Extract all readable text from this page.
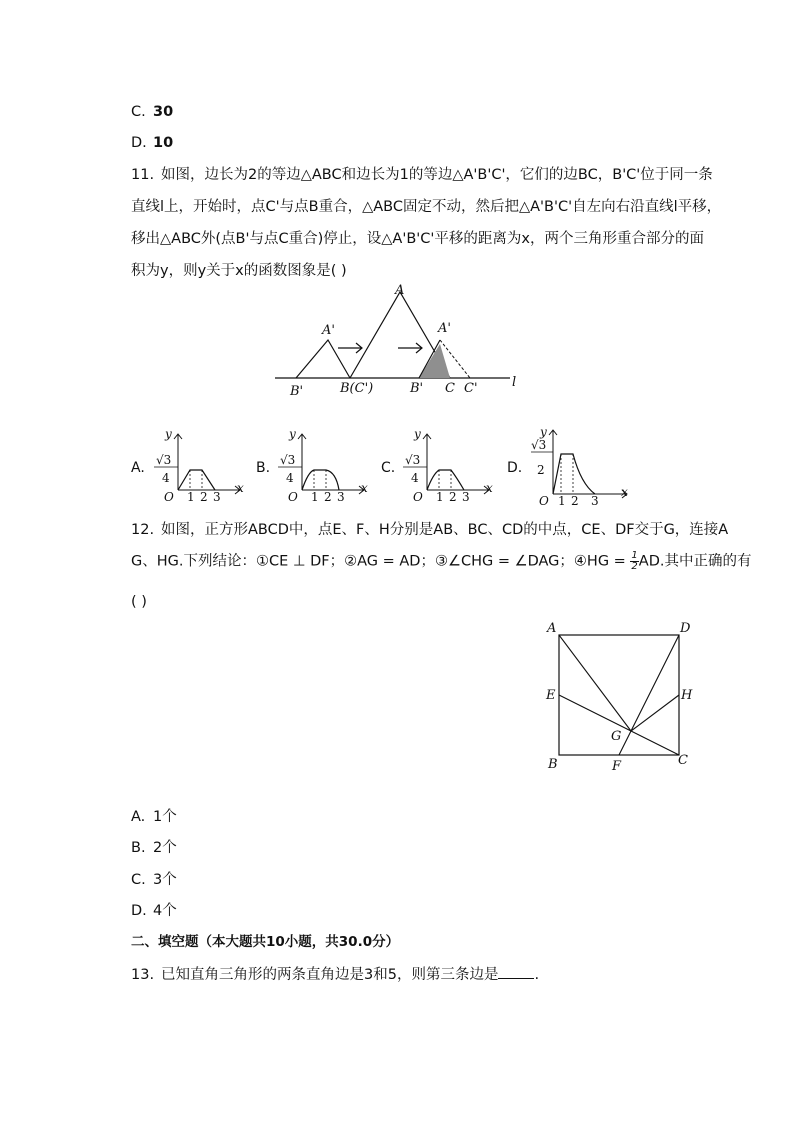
C. 30
D. 10
11. 如图，边长为2的等边△ABC和边长为1的等边△A'B'C'，它们的边BC，B'C'位于同一条
直线l上，开始时，点C'与点B重合，△ABC固定不动，然后把△A'B'C'自左向右沿直线l平移，
移出△ABC外(点B'与点C重合)停止，设△A'B'C'平移的距离为x，两个三角形重合部分的面
积为y，则y关于x的函数图象是( )
A
A'	A'
B'	B(C')	B' C C'	l
A.
y
√3
4
O 1 2 3
x
B.
y
√3
4
O 1 2 3
x
C.
y
√3
4
O 1 2 3
x
D.
y
√3
2
O 1 2 3
x
12. 如图，正方形ABCD中，点E、F、H分别是AB、BC、CD的中点，CE、DF交于G，连接A
G、HG.下列结论：①CE ⊥ DF；②AG = AD；③∠CHG = ∠DAG；④HG = $\frac{1}{2}$ AD.其中正确的有
( )
A	D
E	H
G
B	F	C
A. 1个
B. 2个
C. 3个
D. 4个
二、填空题（本大题共10小题，共30.0分）
13. 已知直角三角形的两条直角边是3和5，则第三条边是 .
